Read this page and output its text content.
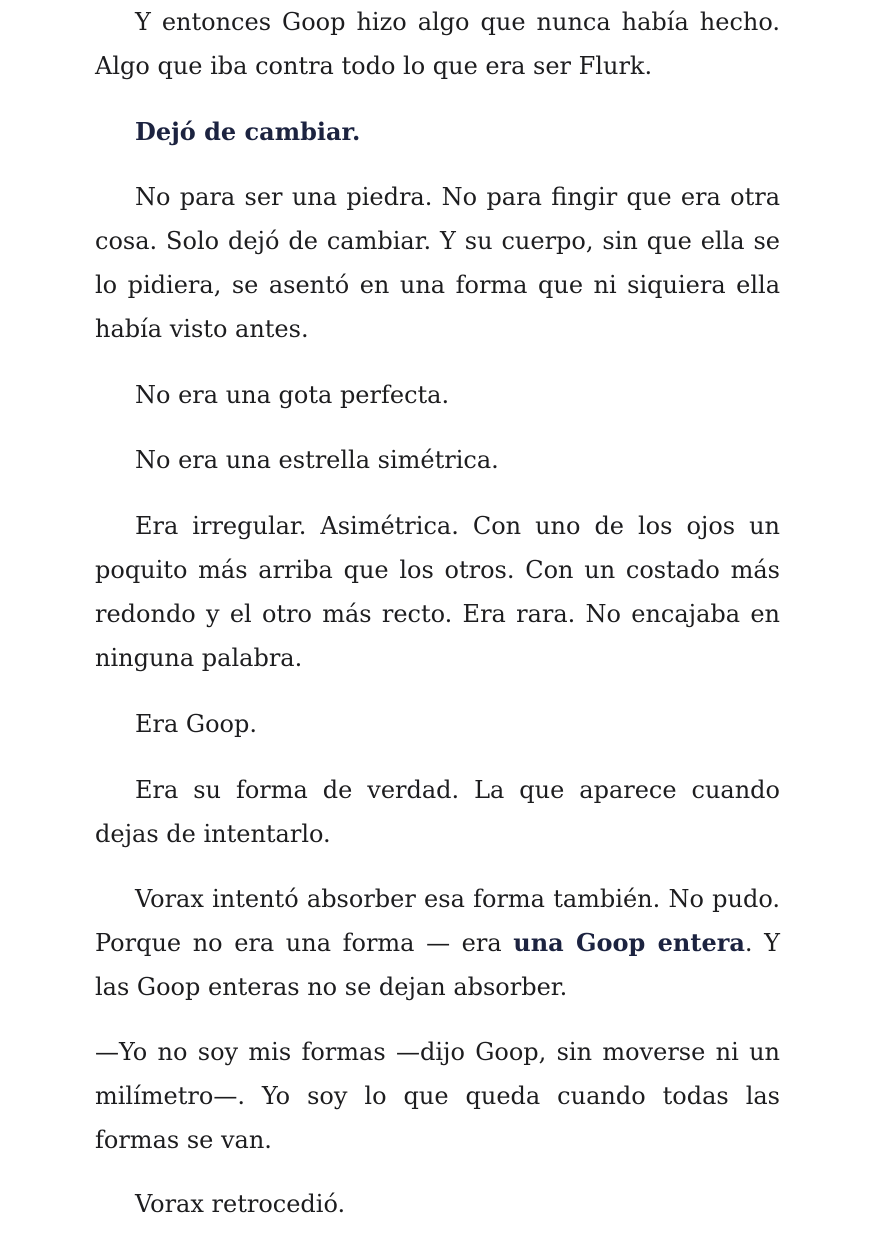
Y entonces Goop hizo algo que nunca había hecho. Algo que iba contra todo lo que era ser Flurk.

Dejó de cambiar.

No para ser una piedra. No para fingir que era otra cosa. Solo dejó de cambiar. Y su cuerpo, sin que ella se lo pidiera, se asentó en una forma que ni siquiera ella había visto antes.

No era una gota perfecta.

No era una estrella simétrica.

Era irregular. Asimétrica. Con uno de los ojos un poquito más arriba que los otros. Con un costado más redondo y el otro más recto. Era rara. No encajaba en ninguna palabra.

Era Goop.

Era su forma de verdad. La que aparece cuando dejas de intentarlo.

Vorax intentó absorber esa forma también. No pudo. Porque no era una forma — era una Goop entera. Y las Goop enteras no se dejan absorber.

—Yo no soy mis formas —dijo Goop, sin moverse ni un milímetro—. Yo soy lo que queda cuando todas las formas se van.

Vorax retrocedió.
